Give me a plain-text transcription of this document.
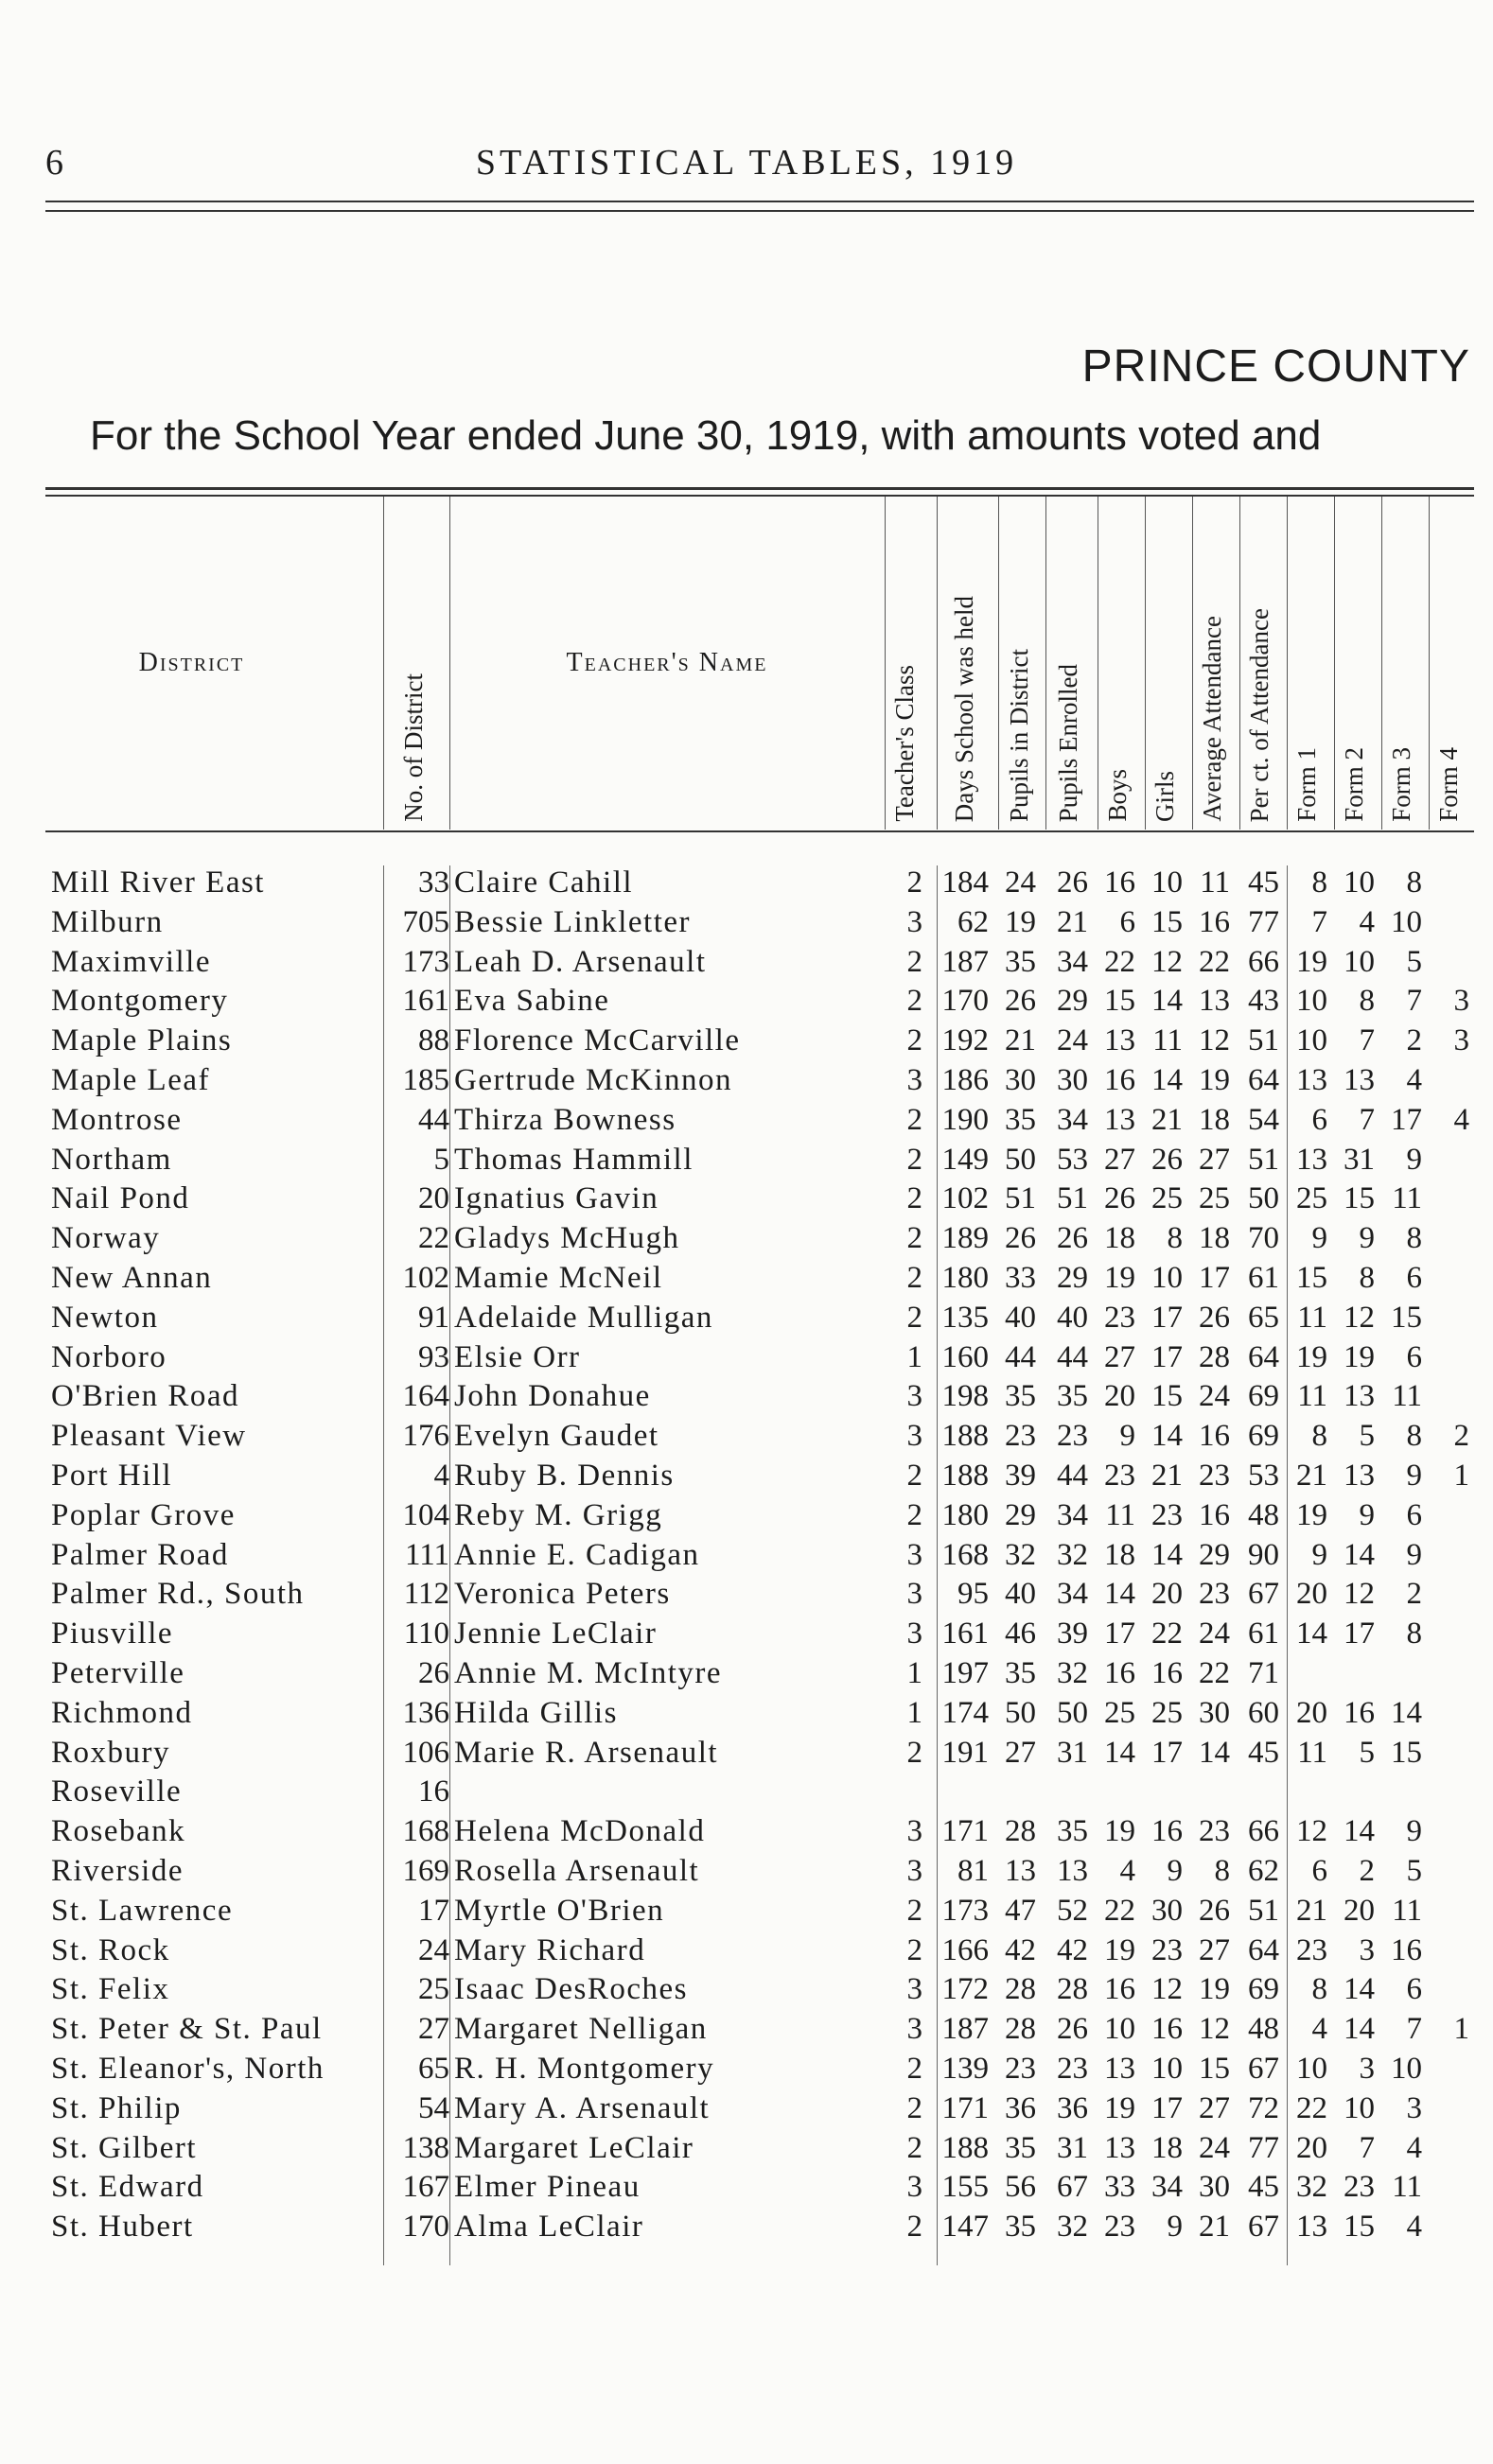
6	STATISTICAL TABLES, 1919
PRINCE COUNTY
For the School Year ended June 30, 1919, with amounts voted and
District
No. of District
Teacher's Name
Teacher's Class Days School was held Pupils in District Pupils Enrolled Boys Girls Average Attendance Per ct. of Attendance Form 1 Form 2 Form 3 Form 4
Mill River East	33 Claire Cahill	2 184 24 26 16 10 11 45 8 10 8
Milburn	705 Bessie Linkletter	3 62 19 21 6 15 16 77 7 4 10
Maximville	173 Leah D. Arsenault	2 187 35 34 22 12 22 66 19 10 5
Montgomery	161 Eva Sabine	2 170 26 29 15 14 13 43 10 8 7 3
Maple Plains	88 Florence McCarville	2 192 21 24 13 11 12 51 10 7 2 3
Maple Leaf	185 Gertrude McKinnon	3 186 30 30 16 14 19 64 13 13 4
Montrose	44 Thirza Bowness	2 190 35 34 13 21 18 54 6 7 17 4
Northam	5 Thomas Hammill	2 149 50 53 27 26 27 51 13 31 9
Nail Pond	20 Ignatius Gavin	2 102 51 51 26 25 25 50 25 15 11
Norway	22 Gladys McHugh	2 189 26 26 18 8 18 70 9 9 8
New Annan	102 Mamie McNeil	2 180 33 29 19 10 17 61 15 8 6
Newton	91 Adelaide Mulligan	2 135 40 40 23 17 26 65 11 12 15
Norboro	93 Elsie Orr	1 160 44 44 27 17 28 64 19 19 6
O'Brien Road	164 John Donahue	3 198 35 35 20 15 24 69 11 13 11
Pleasant View	176 Evelyn Gaudet	3 188 23 23 9 14 16 69 8 5 8 2
Port Hill	4 Ruby B. Dennis	2 188 39 44 23 21 23 53 21 13 9 1
Poplar Grove	104 Reby M. Grigg	2 180 29 34 11 23 16 48 19 9 6
Palmer Road	111 Annie E. Cadigan	3 168 32 32 18 14 29 90 9 14 9
Palmer Rd., South	112 Veronica Peters	3 95 40 34 14 20 23 67 20 12 2
Piusville	110 Jennie LeClair	3 161 46 39 17 22 24 61 14 17 8
Peterville	26 Annie M. McIntyre	1 197 35 32 16 16 22 71
Richmond	136 Hilda Gillis	1 174 50 50 25 25 30 60 20 16 14
Roxbury	106 Marie R. Arsenault	2 191 27 31 14 17 14 45 11 5 15
Roseville	16
Rosebank	168 Helena McDonald	3 171 28 35 19 16 23 66 12 14 9
Riverside	169 Rosella Arsenault	3 81 13 13 4 9 8 62 6 2 5
St. Lawrence	17 Myrtle O'Brien	2 173 47 52 22 30 26 51 21 20 11
St. Rock	24 Mary Richard	2 166 42 42 19 23 27 64 23 3 16
St. Felix	25 Isaac DesRoches	3 172 28 28 16 12 19 69 8 14 6
St. Peter & St. Paul	27 Margaret Nelligan	3 187 28 26 10 16 12 48 4 14 7 1
St. Eleanor's, North	65 R. H. Montgomery	2 139 23 23 13 10 15 67 10 3 10
St. Philip	54 Mary A. Arsenault	2 171 36 36 19 17 27 72 22 10 3
St. Gilbert	138 Margaret LeClair	2 188 35 31 13 18 24 77 20 7 4
St. Edward	167 Elmer Pineau	3 155 56 67 33 34 30 45 32 23 11
St. Hubert	170 Alma LeClair	2 147 35 32 23 9 21 67 13 15 4
